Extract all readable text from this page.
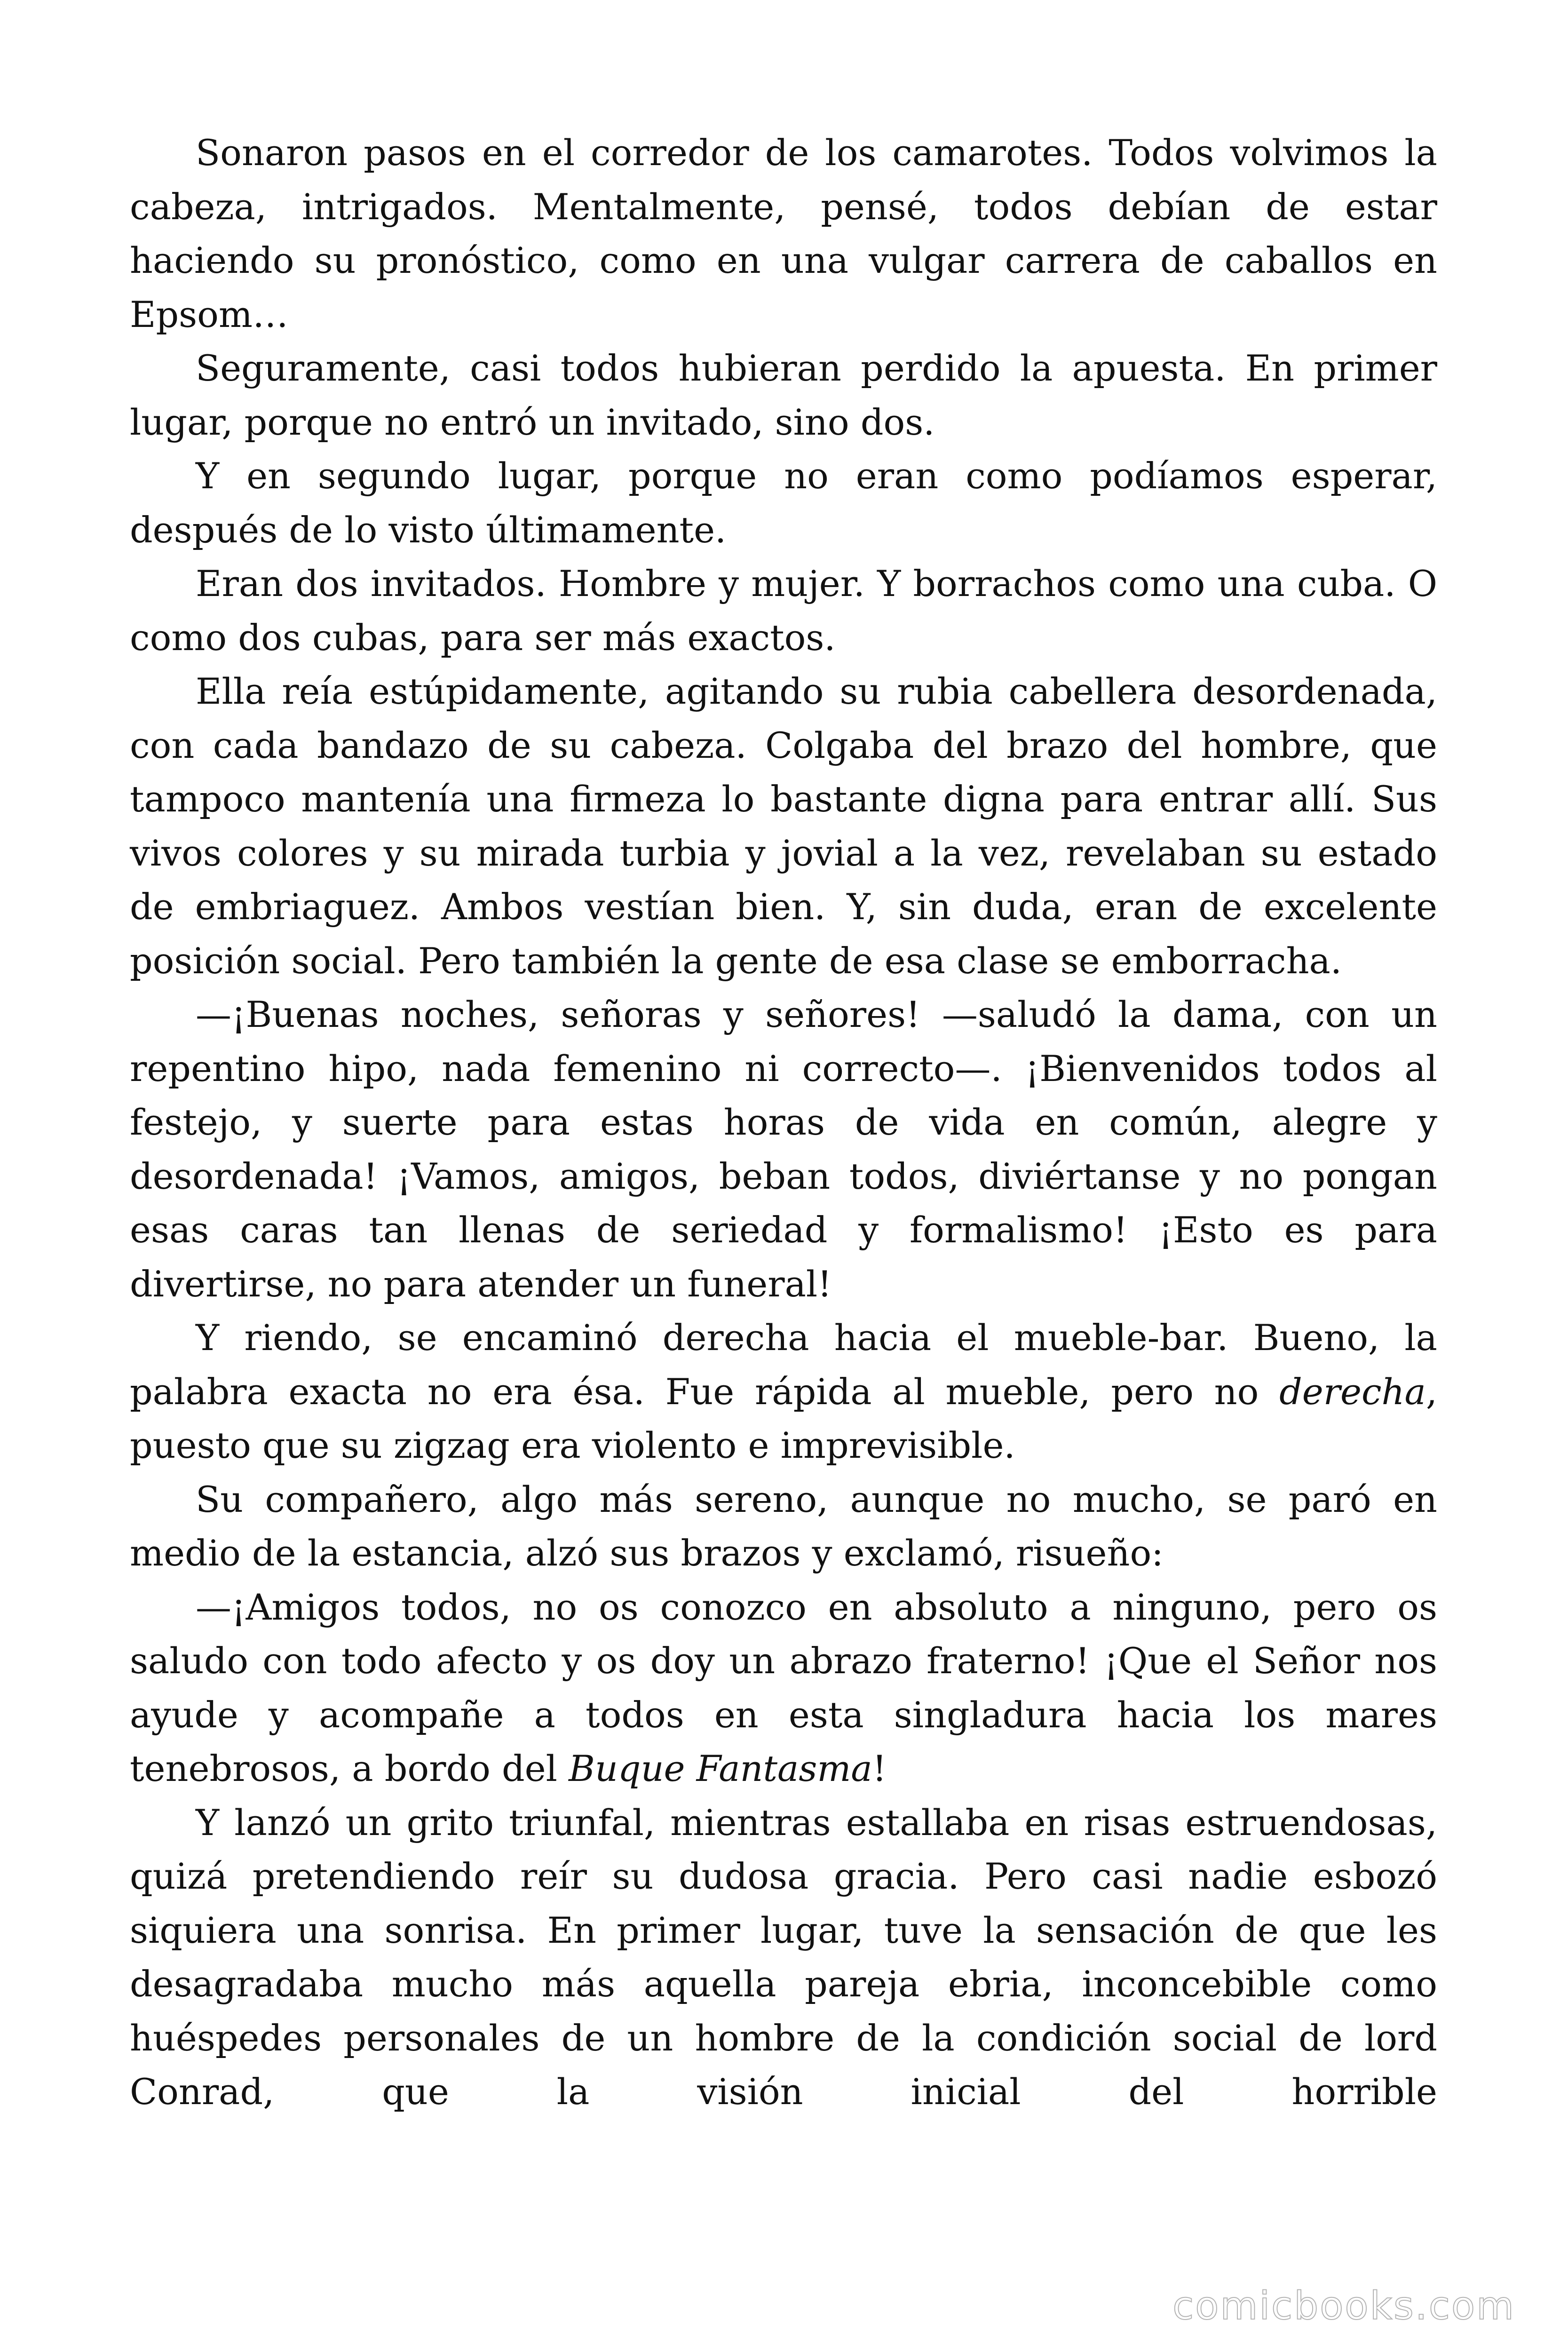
Sonaron pasos en el corredor de los camarotes. Todos volvimos la cabeza, intrigados. Mentalmente, pensé, todos debían de estar haciendo su pronóstico, como en una vulgar carrera de caballos en Epsom…

Seguramente, casi todos hubieran perdido la apuesta. En primer lugar, porque no entró un invitado, sino dos.

Y en segundo lugar, porque no eran como podíamos esperar, después de lo visto últimamente.

Eran dos invitados. Hombre y mujer. Y borrachos como una cuba. O como dos cubas, para ser más exactos.

Ella reía estúpidamente, agitando su rubia cabellera desordenada, con cada bandazo de su cabeza. Colgaba del brazo del hombre, que tampoco mantenía una firmeza lo bastante digna para entrar allí. Sus vivos colores y su mirada turbia y jovial a la vez, revelaban su estado de embriaguez. Ambos vestían bien. Y, sin duda, eran de excelente posición social. Pero también la gente de esa clase se emborracha.

—¡Buenas noches, señoras y señores! —saludó la dama, con un repentino hipo, nada femenino ni correcto—. ¡Bienvenidos todos al festejo, y suerte para estas horas de vida en común, alegre y desordenada! ¡Vamos, amigos, beban todos, diviértanse y no pongan esas caras tan llenas de seriedad y formalismo! ¡Esto es para divertirse, no para atender un funeral!

Y riendo, se encaminó derecha hacia el mueble-bar. Bueno, la palabra exacta no era ésa. Fue rápida al mueble, pero no derecha, puesto que su zigzag era violento e imprevisible.

Su compañero, algo más sereno, aunque no mucho, se paró en medio de la estancia, alzó sus brazos y exclamó, risueño:

—¡Amigos todos, no os conozco en absoluto a ninguno, pero os saludo con todo afecto y os doy un abrazo fraterno! ¡Que el Señor nos ayude y acompañe a todos en esta singladura hacia los mares tenebrosos, a bordo del Buque Fantasma!

Y lanzó un grito triunfal, mientras estallaba en risas estruendosas, quizá pretendiendo reír su dudosa gracia. Pero casi nadie esbozó siquiera una sonrisa. En primer lugar, tuve la sensación de que les desagradaba mucho más aquella pareja ebria, inconcebible como huéspedes personales de un hombre de la condición social de lord Conrad, que la visión inicial del horrible

comicbooks.com
